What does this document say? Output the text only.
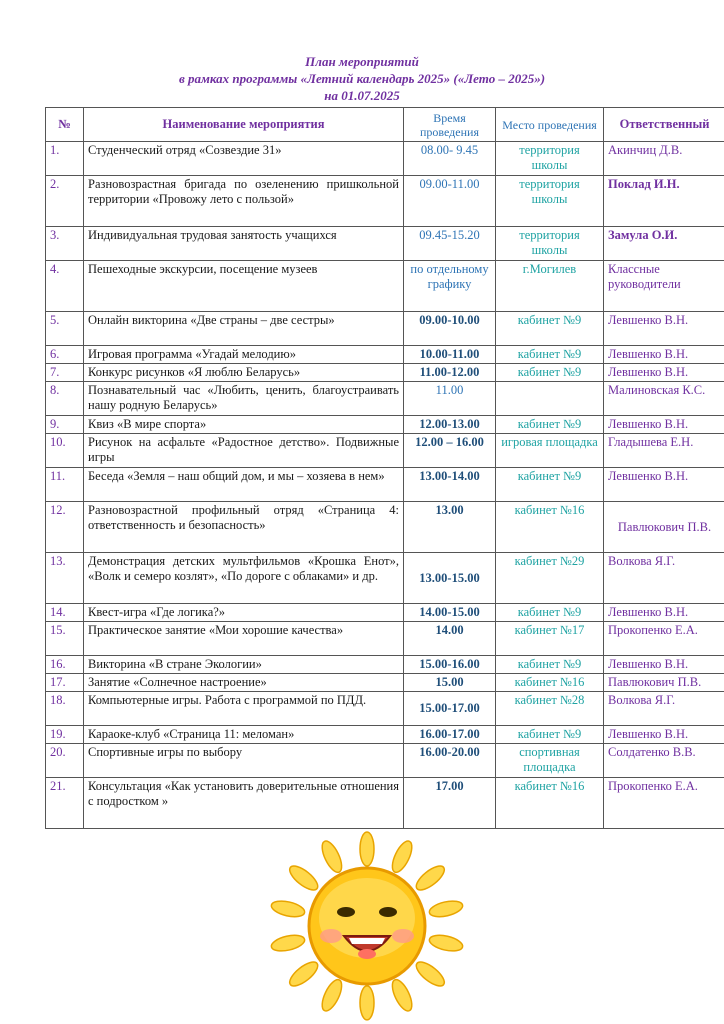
План мероприятий
в рамках программы «Летний календарь 2025» («Лето – 2025»)
на 01.07.2025
№	Наименование мероприятия	Время проведения	Место проведения	Ответственный
1.	Студенческий отряд «Созвездие 31»	08.00- 9.45	территория школы	Акинчиц Д.В.
2.	Разновозрастная бригада по озеленению пришкольной территории «Провожу лето с пользой»	09.00-11.00	территория школы	Поклад И.Н.
3.	Индивидуальная трудовая занятость учащихся	09.45-15.20	территория школы	Замула О.И.
4.	Пешеходные экскурсии, посещение музеев	по отдельному графику	г.Могилев	Классные руководители
5.	Онлайн викторина «Две страны – две сестры»	09.00-10.00	кабинет №9	Левшенко В.Н.
6.	Игровая программа «Угадай мелодию»	10.00-11.00	кабинет №9	Левшенко В.Н.
7.	Конкурс рисунков «Я люблю Беларусь»	11.00-12.00	кабинет №9	Левшенко В.Н.
8.	Познавательный час «Любить, ценить, благоустраивать нашу родную Беларусь»	11.00		Малиновская К.С.
9.	Квиз «В мире спорта»	12.00-13.00	кабинет №9	Левшенко В.Н.
10.	Рисунок на асфальте «Радостное детство». Подвижные игры	12.00 – 16.00	игровая площадка	Гладышева Е.Н.
11.	Беседа «Земля – наш общий дом, и мы – хозяева в нем»	13.00-14.00	кабинет №9	Левшенко В.Н.
12.	Разновозрастной профильный отряд «Страница 4: ответственность и безопасность»	13.00	кабинет №16	Павлюкович П.В.
13.	Демонстрация детских мультфильмов «Крошка Енот», «Волк и семеро козлят», «По дороге с облаками» и др.	13.00-15.00	кабинет №29	Волкова Я.Г.
14.	Квест-игра «Где логика?»	14.00-15.00	кабинет №9	Левшенко В.Н.
15.	Практическое занятие «Мои хорошие качества»	14.00	кабинет №17	Прокопенко Е.А.
16.	Викторина «В стране Экологии»	15.00-16.00	кабинет №9	Левшенко В.Н.
17.	Занятие «Солнечное настроение»	15.00	кабинет №16	Павлюкович П.В.
18.	Компьютерные игры. Работа с программой по ПДД.	15.00-17.00	кабинет №28	Волкова Я.Г.
19.	Караоке-клуб «Страница 11: меломан»	16.00-17.00	кабинет №9	Левшенко В.Н.
20.	Спортивные игры по выбору	16.00-20.00	спортивная площадка	Солдатенко В.В.
21.	Консультация «Как установить доверительные отношения с подростком »	17.00	кабинет №16	Прокопенко Е.А.
